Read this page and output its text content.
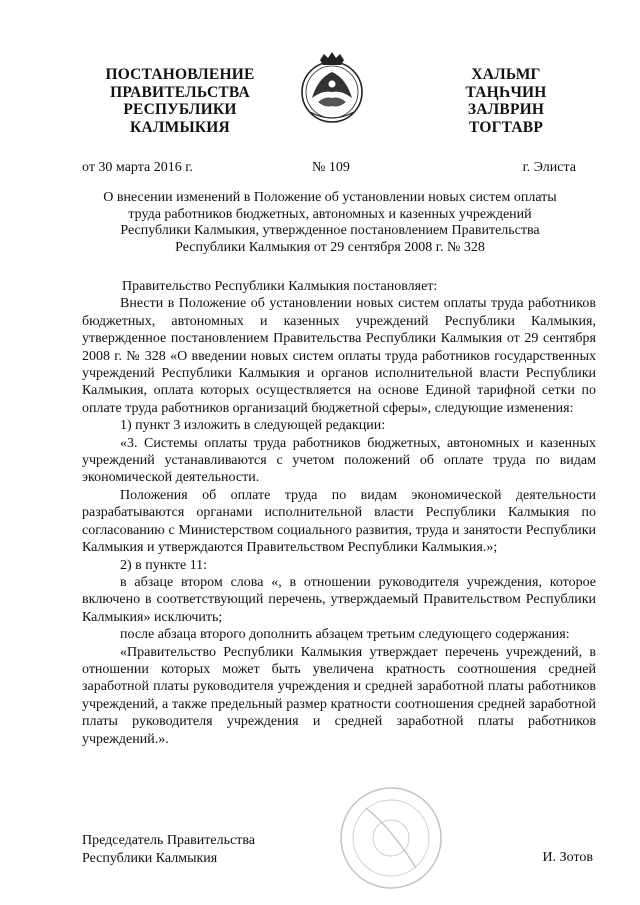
ПОСТАНОВЛЕНИЕ
ПРАВИТЕЛЬСТВА
РЕСПУБЛИКИ
КАЛМЫКИЯ
ХАЛЬМГ
ТАҢҺЧИН
ЗАЛВРИН
ТОГТАВР
от 30 марта 2016 г.	№ 109	г. Элиста
О внесении изменений в Положение об установлении новых систем оплаты
труда работников бюджетных, автономных и казенных учреждений
Республики Калмыкия, утвержденное постановлением Правительства
Республики Калмыкия от 29 сентября 2008 г. № 328

Правительство Республики Калмыкия постановляет:

Внести в Положение об установлении новых систем оплаты труда работников бюджетных, автономных и казенных учреждений Республики Калмыкия, утвержденное постановлением Правительства Республики Калмыкия от 29 сентября 2008 г. № 328 «О введении новых систем оплаты труда работников государственных учреждений Республики Калмыкия и органов исполнительной власти Республики Калмыкия, оплата которых осуществляется на основе Единой тарифной сетки по оплате труда работников организаций бюджетной сферы», следующие изменения:

1) пункт 3 изложить в следующей редакции:

«3. Системы оплаты труда работников бюджетных, автономных и казенных учреждений устанавливаются с учетом положений об оплате труда по видам экономической деятельности.

Положения об оплате труда по видам экономической деятельности разрабатываются органами исполнительной власти Республики Калмыкия по согласованию с Министерством социального развития, труда и занятости Республики Калмыкия и утверждаются Правительством Республики Калмыкия.»;

2) в пункте 11:

в абзаце втором слова «, в отношении руководителя учреждения, которое включено в соответствующий перечень, утверждаемый Правительством Республики Калмыкия» исключить;

после абзаца второго дополнить абзацем третьим следующего содержания:

«Правительство Республики Калмыкия утверждает перечень учреждений, в отношении которых может быть увеличена кратность соотношения средней заработной платы руководителя учреждения и средней заработной платы работников учреждений, а также предельный размер кратности соотношения средней заработной платы руководителя учреждения и средней заработной платы работников учреждений.».

Председатель Правительства
Республики Калмыкия	И. Зотов
